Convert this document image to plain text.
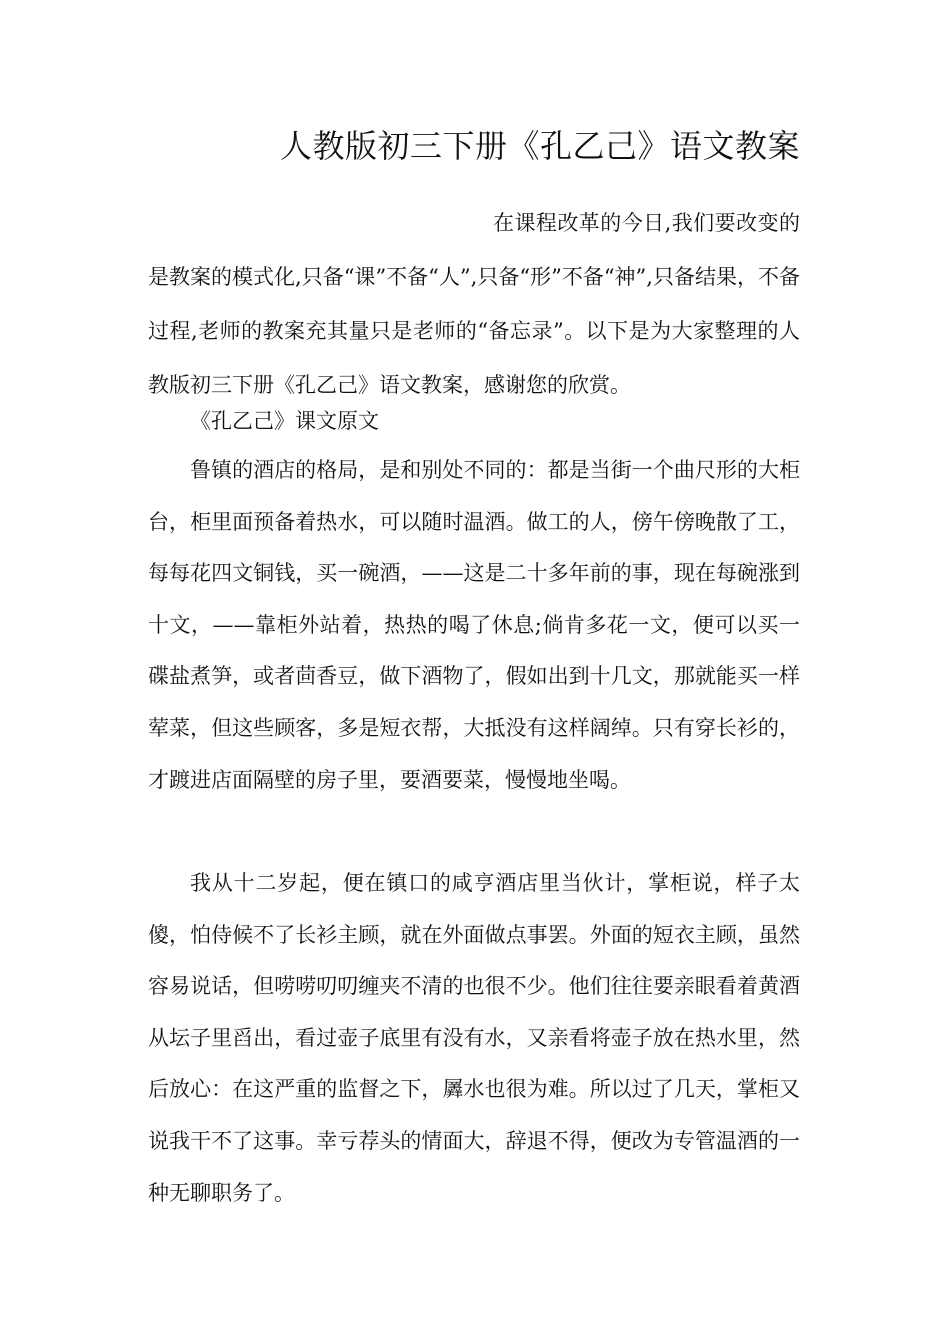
人教版初三下册《孔乙己》语文教案

在课程改革的今日,我们要改变的是教案的模式化,只备“课”不备“人”,只备“形”不备“神”,只备结果，不备过程,老师的教案充其量只是老师的“备忘录”。以下是为大家整理的人教版初三下册《孔乙己》语文教案，感谢您的欣赏。

《孔乙己》课文原文

鲁镇的酒店的格局，是和别处不同的：都是当街一个曲尺形的大柜台，柜里面预备着热水，可以随时温酒。做工的人，傍午傍晚散了工，每每花四文铜钱，买一碗酒，——这是二十多年前的事，现在每碗涨到十文，——靠柜外站着，热热的喝了休息;倘肯多花一文，便可以买一碟盐煮笋，或者茴香豆，做下酒物了，假如出到十几文，那就能买一样荤菜，但这些顾客，多是短衣帮，大抵没有这样阔绰。只有穿长衫的，才踱进店面隔壁的房子里，要酒要菜，慢慢地坐喝。

我从十二岁起，便在镇口的咸亨酒店里当伙计，掌柜说，样子太傻，怕侍候不了长衫主顾，就在外面做点事罢。外面的短衣主顾，虽然容易说话，但唠唠叨叨缠夹不清的也很不少。他们往往要亲眼看着黄酒从坛子里舀出，看过壶子底里有没有水，又亲看将壶子放在热水里，然后放心：在这严重的监督之下，羼水也很为难。所以过了几天，掌柜又说我干不了这事。幸亏荐头的情面大，辞退不得，便改为专管温酒的一种无聊职务了。
